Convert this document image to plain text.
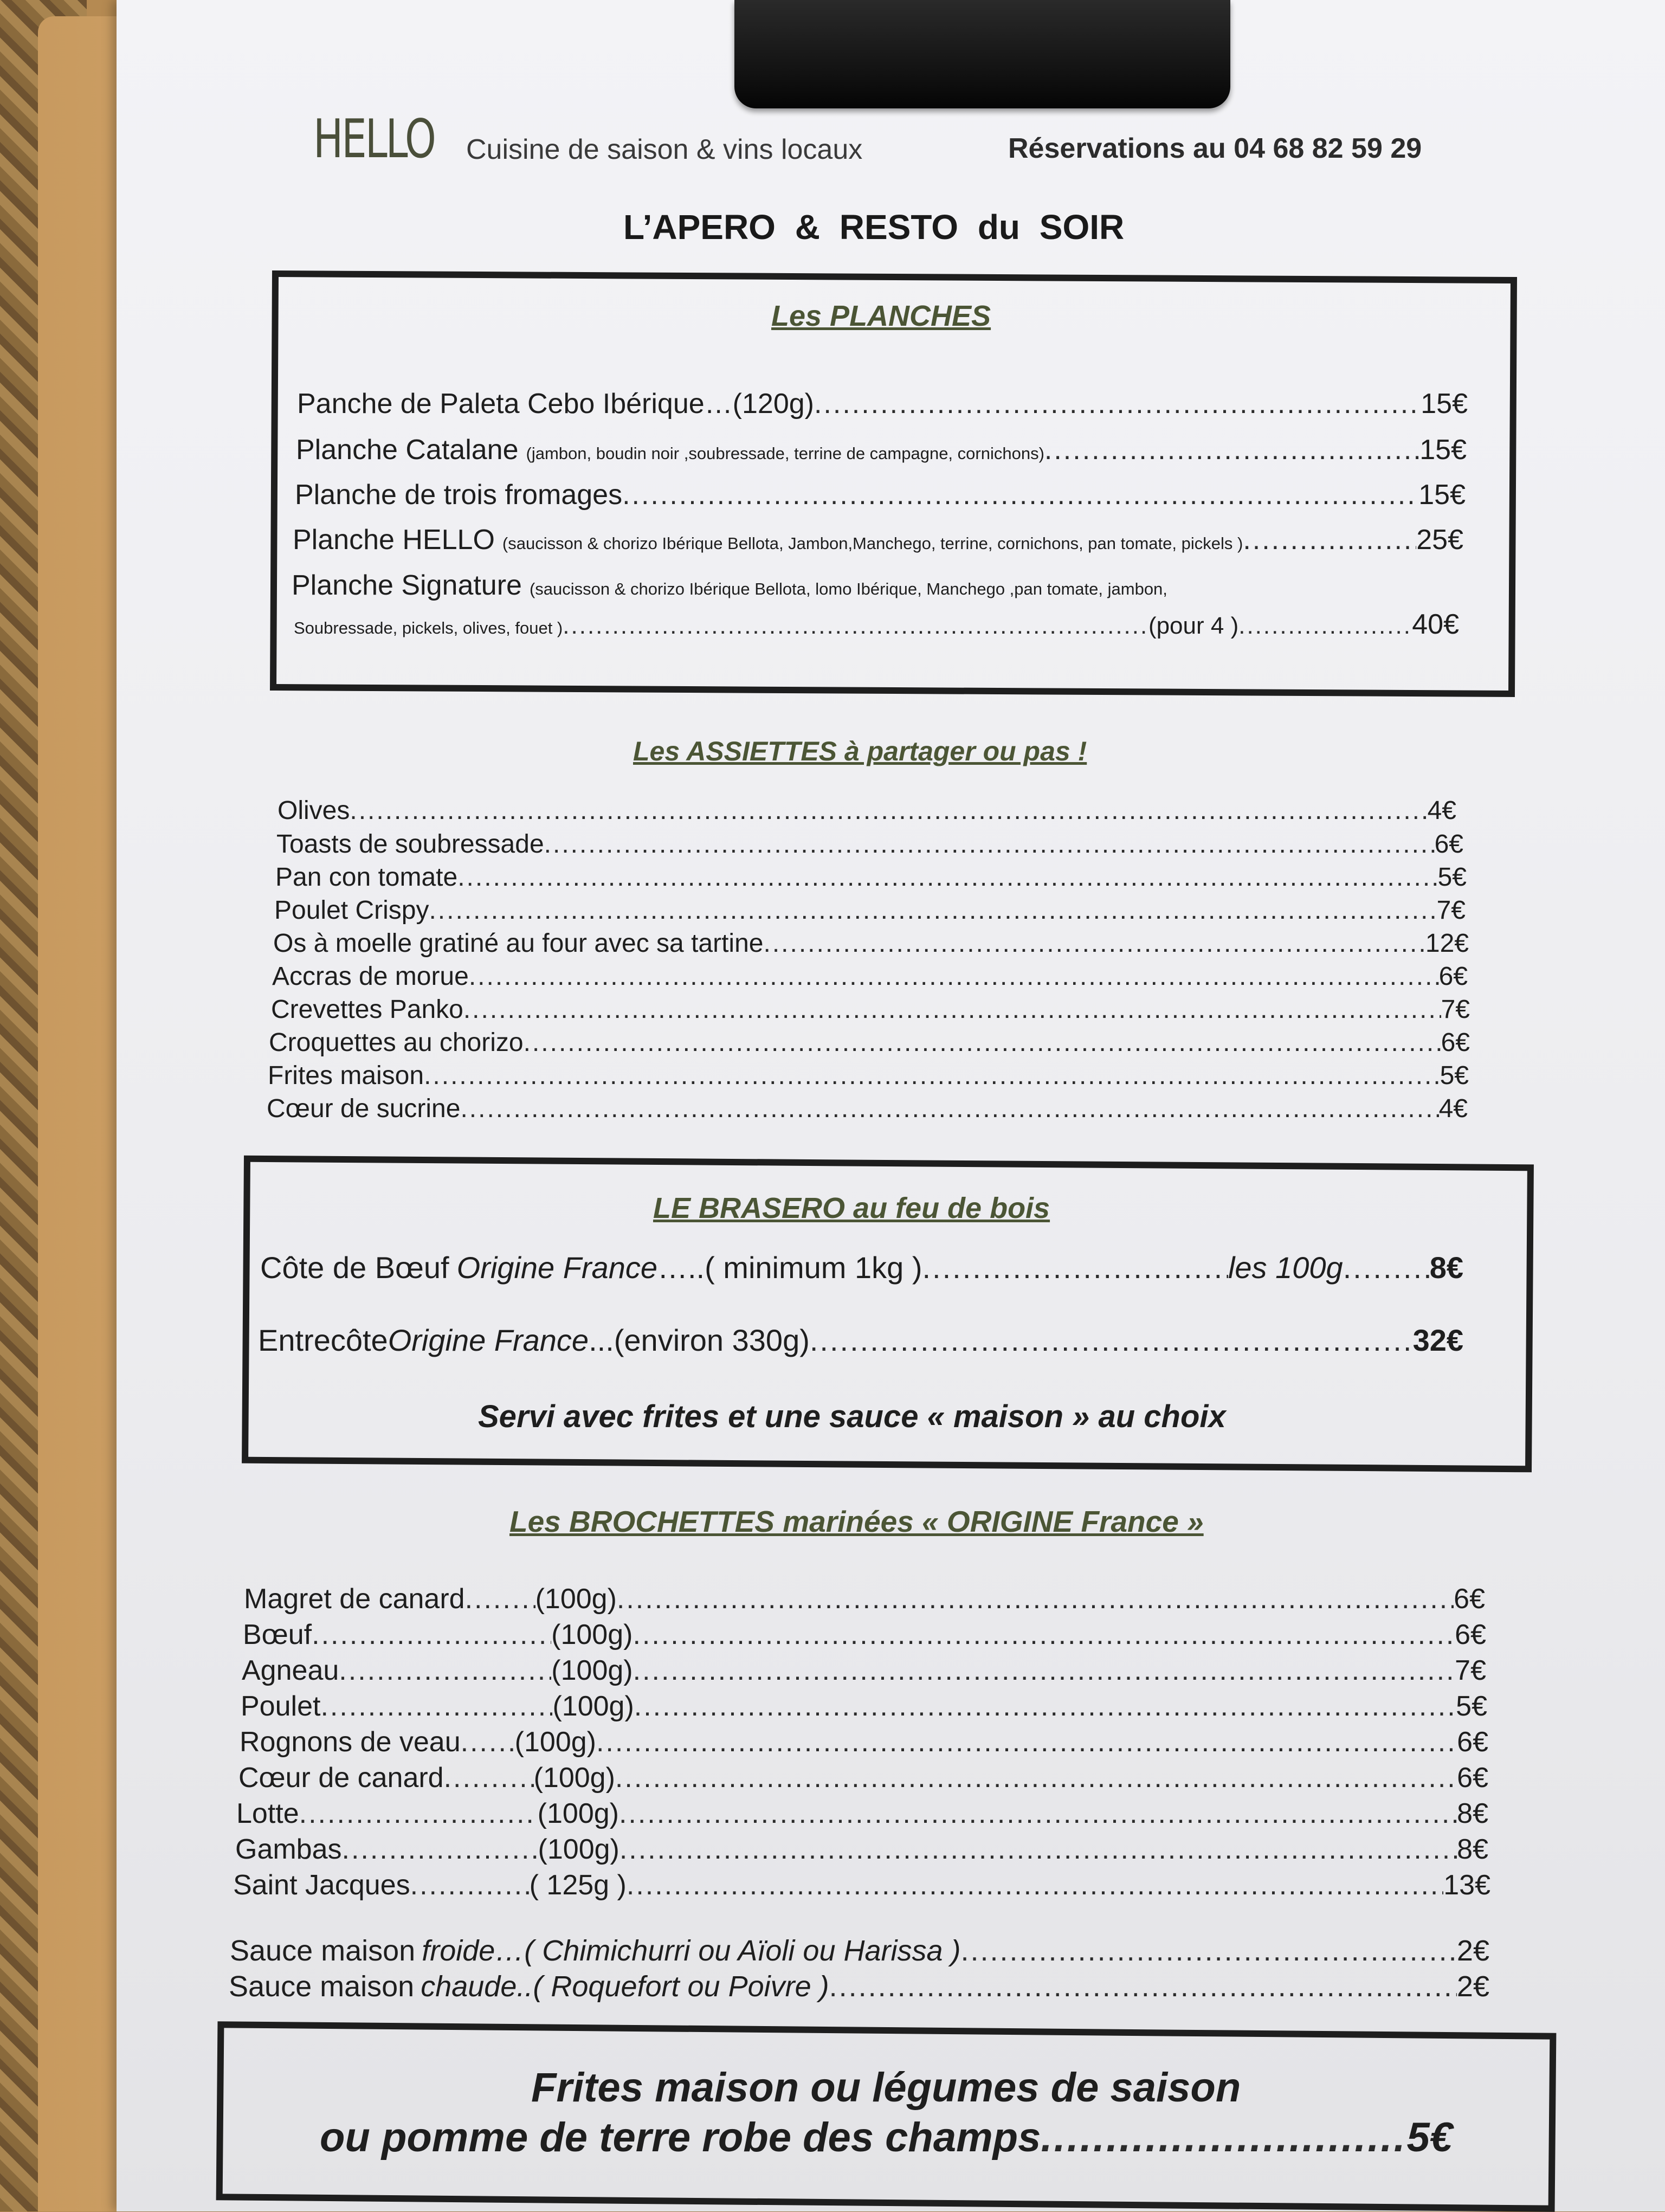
HELLO Cuisine de saison & vins locaux	Réservations au 04 68 82 59 29
L’APERO & RESTO du SOIR
Les PLANCHES
Panche de Paleta Cebo Ibérique…(120g) .....	15€
Planche Catalane (jambon, boudin noir ,soubressade, terrine de campagne, cornichons) .....	15€
Planche de trois fromages .....	15€
Planche HELLO (saucisson & chorizo Ibérique Bellota, Jambon,Manchego, terrine, cornichons, pan tomate, pickels ) .....	25€
Planche Signature (saucisson & chorizo Ibérique Bellota, lomo Ibérique, Manchego ,pan tomate, jambon,
Soubressade, pickels, olives, fouet ) .....	(pour 4 ) .....	40€
Les ASSIETTES à partager ou pas !
Olives .....	4€
Toasts de soubressade .....	6€
Pan con tomate .....	5€
Poulet Crispy .....	7€
Os à moelle gratiné au four avec sa tartine .....	12€
Accras de morue .....	6€
Crevettes Panko .....	7€
Croquettes au chorizo .....	6€
Frites maison .....	5€
Cœur de sucrine .....	4€
LE BRASERO au feu de bois
Côte de Bœuf Origine France …..( minimum 1kg ) .....	les 100g .....	8€
Entrecôte Origine France ...(environ 330g) .....	32€
Servi avec frites et une sauce « maison » au choix
Les BROCHETTES marinées « ORIGINE France »
Magret de canard .....	(100g) .....	6€
Bœuf .....	(100g) .....	6€
Agneau .....	(100g) .....	7€
Poulet .....	(100g) .....	5€
Rognons de veau ..... (100g) .....	6€
Cœur de canard .....	(100g) .....	6€
Lotte .....	(100g) .....	8€
Gambas .....	(100g) .....	8€
Saint Jacques .....	( 125g ) .....	13€
Sauce maison froide …( Chimichurri ou Aïoli ou Harissa ) .....	2€
Sauce maison chaude ..( Roquefort ou Poivre ) .....	2€
Frites maison ou légumes de saison
ou pomme de terre robe des champs .....	5€
